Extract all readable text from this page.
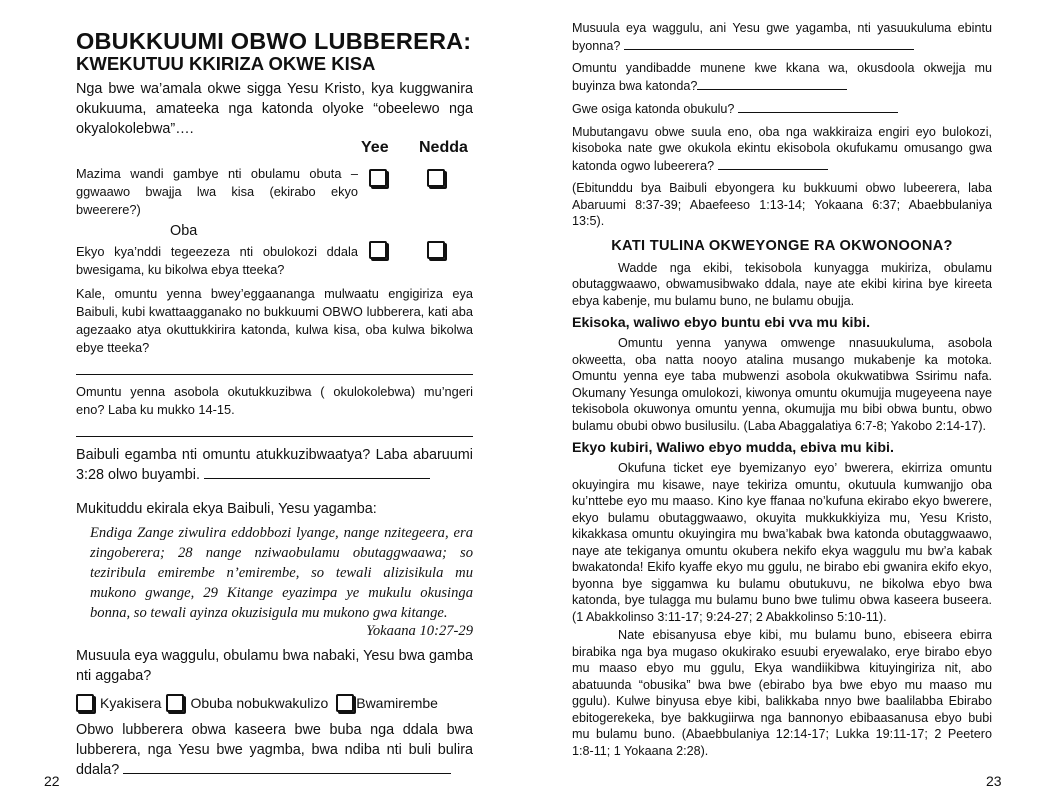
OBUKKUUMI OBWO LUBBERERA:
KWEKUTUU KKIRIZA OKWE KISA

Nga bwe wa’amala okwe sigga Yesu Kristo, kya kuggwanira okukuuma, amateeka nga katonda olyoke “obeelewo nga okyalokolebwa”….

Yee Nedda

Mazima wandi gambye nti obulamu obuta – ggwaawo bwajja lwa kisa (ekirabo ekyo bweerere?)

Oba

Ekyo kya’nddi tegeezeza nti obulokozi ddala bwesigama, ku bikolwa ebya tteeka?

Kale, omuntu yenna bwey’eggaananga mulwaatu engigiriza eya Baibuli, kubi kwattaagganako no bukkuumi OBWO lubberera, kati aba agezaako atya okuttukkirira katonda, kulwa kisa, oba kulwa bikolwa ebye tteeka?

Omuntu yenna asobola okutukkuzibwa ( okulokolebwa) mu’ngeri eno? Laba ku mukko 14-15.

Baibuli egamba nti omuntu atukkuzibwaatya? Laba abaruumi 3:28 olwo buyambi.

Mukituddu ekirala ekya Baibuli, Yesu yagamba:

Endiga Zange ziwulira eddobbozi lyange, nange nzitegeera, era zingoberera; 28 nange nziwaobulamu obutaggwaawa; so teziribula emirembe n’emirembe, so tewali alizisikula mu mukono gwange, 29 Kitange eyazimpa ye mukulu okusinga bonna, so tewali ayinza okuzisigula mu mukono gwa kitange.

Yokaana 10:27-29

Musuula eya waggulu, obulamu bwa nabaki, Yesu bwa gamba nti aggaba?

Kyakisera Obuba nobukwakulizo Bwamirembe

Obwo lubberera obwa kaseera bwe buba nga ddala bwa lubberera, nga Yesu bwe yagmba, bwa ndiba nti buli bulira ddala?

22

Musuula eya waggulu, ani Yesu gwe yagamba, nti yasuukuluma ebintu byonna?

Omuntu yandibadde munene kwe kkana wa, okusdoola okwejja mu buyinza bwa katonda?

Gwe osiga katonda obukulu?

Mubutangavu obwe suula eno, oba nga wakkiraiza engiri eyo bulokozi, kisoboka nate gwe okukola ekintu ekisobola okufukamu omusango gwa katonda ogwo lubeerera?

(Ebitunddu bya Baibuli ebyongera ku bukkuumi obwo lubeerera, laba Abaruumi 8:37-39; Abaefeeso 1:13-14; Yokaana 6:37; Abaebbulaniya 13:5).

KATI TULINA OKWEYONGE RA OKWONOONA?

Wadde nga ekibi, tekisobola kunyagga mukiriza, obulamu obutaggwaawo, obwamusibwako ddala, naye ate ekibi kirina bye kireeta ebya kabenje, mu bulamu buno, ne bulamu obujja.

Ekisoka, waliwo ebyo buntu ebi vva mu kibi.

Omuntu yenna yanywa omwenge nnasuukuluma, asobola okweetta, oba natta nooyo atalina musango mukabenje ka motoka. Omuntu yenna eye taba mubwenzi asobola okukwatibwa Ssirimu nafa. Okumany Yesunga omulokozi, kiwonya omuntu okumujja mugeyeena naye tekisobola okuwonya omuntu yenna, okumujja mu bibi obwa buntu, obwo bulamu obubi obwo busilusilu. (Laba Abaggalatiya 6:7-8; Yakobo 2:14-17).

Ekyo kubiri, Waliwo ebyo mudda, ebiva mu kibi.

Okufuna ticket eye byemizanyo eyo’ bwerera, ekirriza omuntu okuyingira mu kisawe, naye tekiriza omuntu, okutuula kumwanjjo oba ku’nttebe eyo mu maaso. Kino kye ffanaa no’kufuna ekirabo ekyo bwerere, ekyo bulamu obutaggwaawo, okuyita mukkukkiyiza mu, Yesu Kristo, kikakkasa omuntu okuyingira mu bwa’kabak bwa katonda obutaggwaawo, naye ate tekiganya omuntu okubera nekifo ekya waggulu mu bw’a kabak bwakatonda! Ekifo kyaffe ekyo mu ggulu, ne birabo ebi gwanira ekifo ekyo, byonna bye siggamwa ku bulamu obutukuvu, ne bikolwa ebyo bwa katonda, bye tulagga mu bulamu buno bwe tulimu obwa kaseera buseera. (1 Abakkolinso 3:11-17; 9:24-27; 2 Abakkolinso 5:10-11).

Nate ebisanyusa ebye kibi, mu bulamu buno, ebiseera ebirra birabika nga bya mugaso okukirako esuubi eryewalako, erye birabo ebyo mu maaso ebyo mu ggulu, Ekya wandiikibwa kituyingiriza nit, abo abatuunda “obusika” bwa bwe (ebirabo bya bwe ebyo mu maaso mu ggulu). Kulwe binyusa ebye kibi, balikkaba nnyo bwe baalilabba Ebirabo ebitogerekeka, bye bakkugiirwa nga bannonyo ebibaasanusa ebyo bubi mu bulamu buno. (Abaebbulaniya 12:14-17; Lukka 19:11-17; 2 Peetero 1:8-11; 1 Yokaana 2:28).

23
